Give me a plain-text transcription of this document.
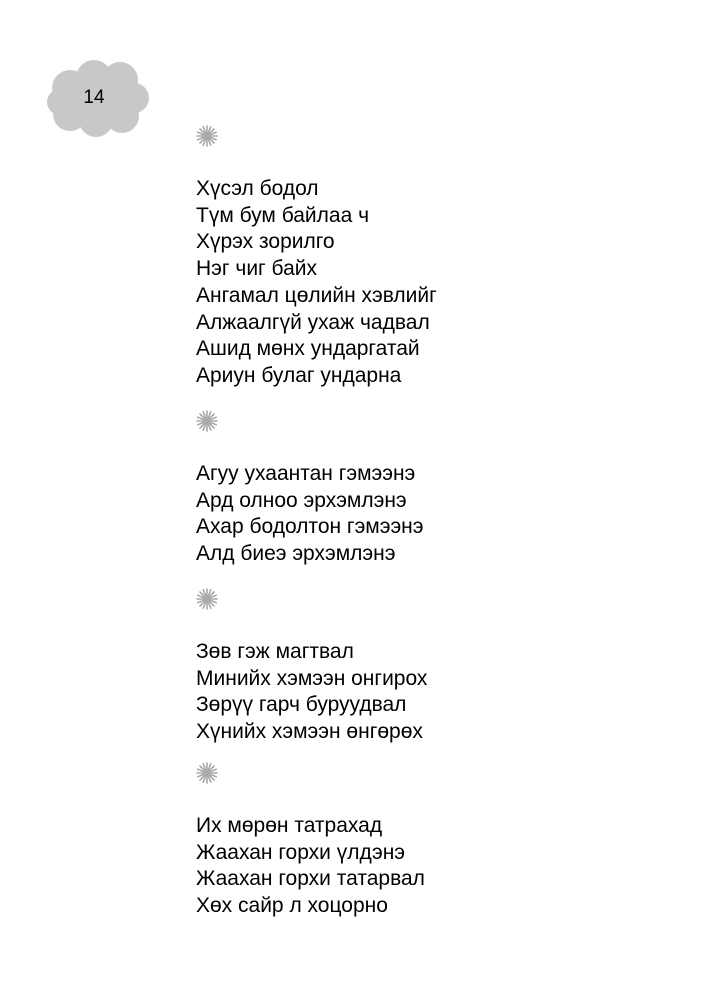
14
Хүсэл бодол
Түм бум байлаа ч
Хүрэх зорилго
Нэг чиг байх
Ангамал цөлийн хэвлийг
Алжаалгүй ухаж чадвал
Ашид мөнх ундаргатай
Ариун булаг ундарна
Агуу ухаантан гэмээнэ
Ард олноо эрхэмлэнэ
Ахар бодолтон гэмээнэ
Алд биеэ эрхэмлэнэ
Зөв гэж магтвал
Минийх хэмээн онгирох
Зөрүү гарч буруудвал
Хүнийх хэмээн өнгөрөх
Их мөрөн татрахад
Жаахан горхи үлдэнэ
Жаахан горхи татарвал
Хөх сайр л хоцорно
